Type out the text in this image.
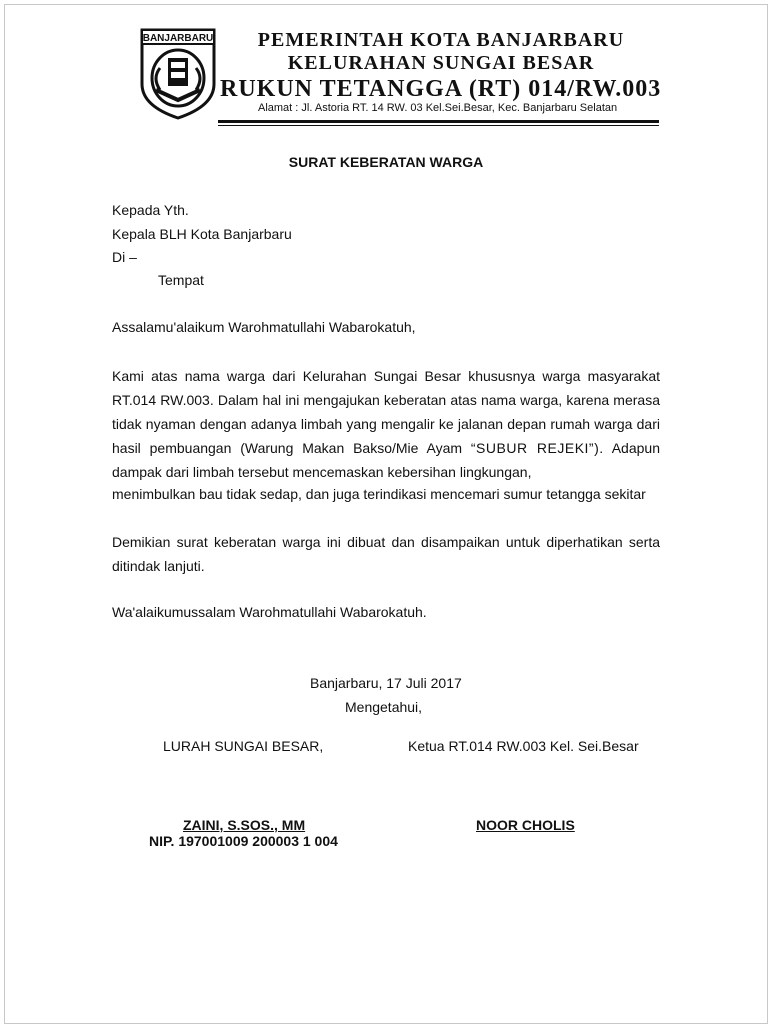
BANJARBARU	PEMERINTAH KOTA BANJARBARU
KELURAHAN SUNGAI BESAR
RUKUN TETANGGA (RT) 014/RW.003
Alamat : Jl. Astoria RT. 14 RW. 03 Kel.Sei.Besar, Kec. Banjarbaru Selatan
SURAT KEBERATAN WARGA
Kepada Yth.
Kepala BLH Kota Banjarbaru
Di –
Tempat
Assalamu'alaikum Warohmatullahi Wabarokatuh,
Kami atas nama warga dari Kelurahan Sungai Besar khususnya warga masyarakat RT.014 RW.003. Dalam hal ini mengajukan keberatan atas nama warga, karena merasa tidak nyaman dengan adanya limbah yang mengalir ke jalanan depan rumah warga dari hasil pembuangan (Warung Makan Bakso/Mie Ayam “SUBUR REJEKI”). Adapun dampak dari limbah tersebut mencemaskan kebersihan lingkungan,
menimbulkan bau tidak sedap, dan juga terindikasi mencemari sumur tetangga sekitar
Demikian surat keberatan warga ini dibuat dan disampaikan untuk diperhatikan serta ditindak lanjuti.
Wa'alaikumussalam Warohmatullahi Wabarokatuh.
Banjarbaru, 17 Juli 2017
Mengetahui,
LURAH SUNGAI BESAR,	Ketua RT.014 RW.003 Kel. Sei.Besar
ZAINI, S.SOS., MM
NIP. 197001009 200003 1 004
NOOR CHOLIS
